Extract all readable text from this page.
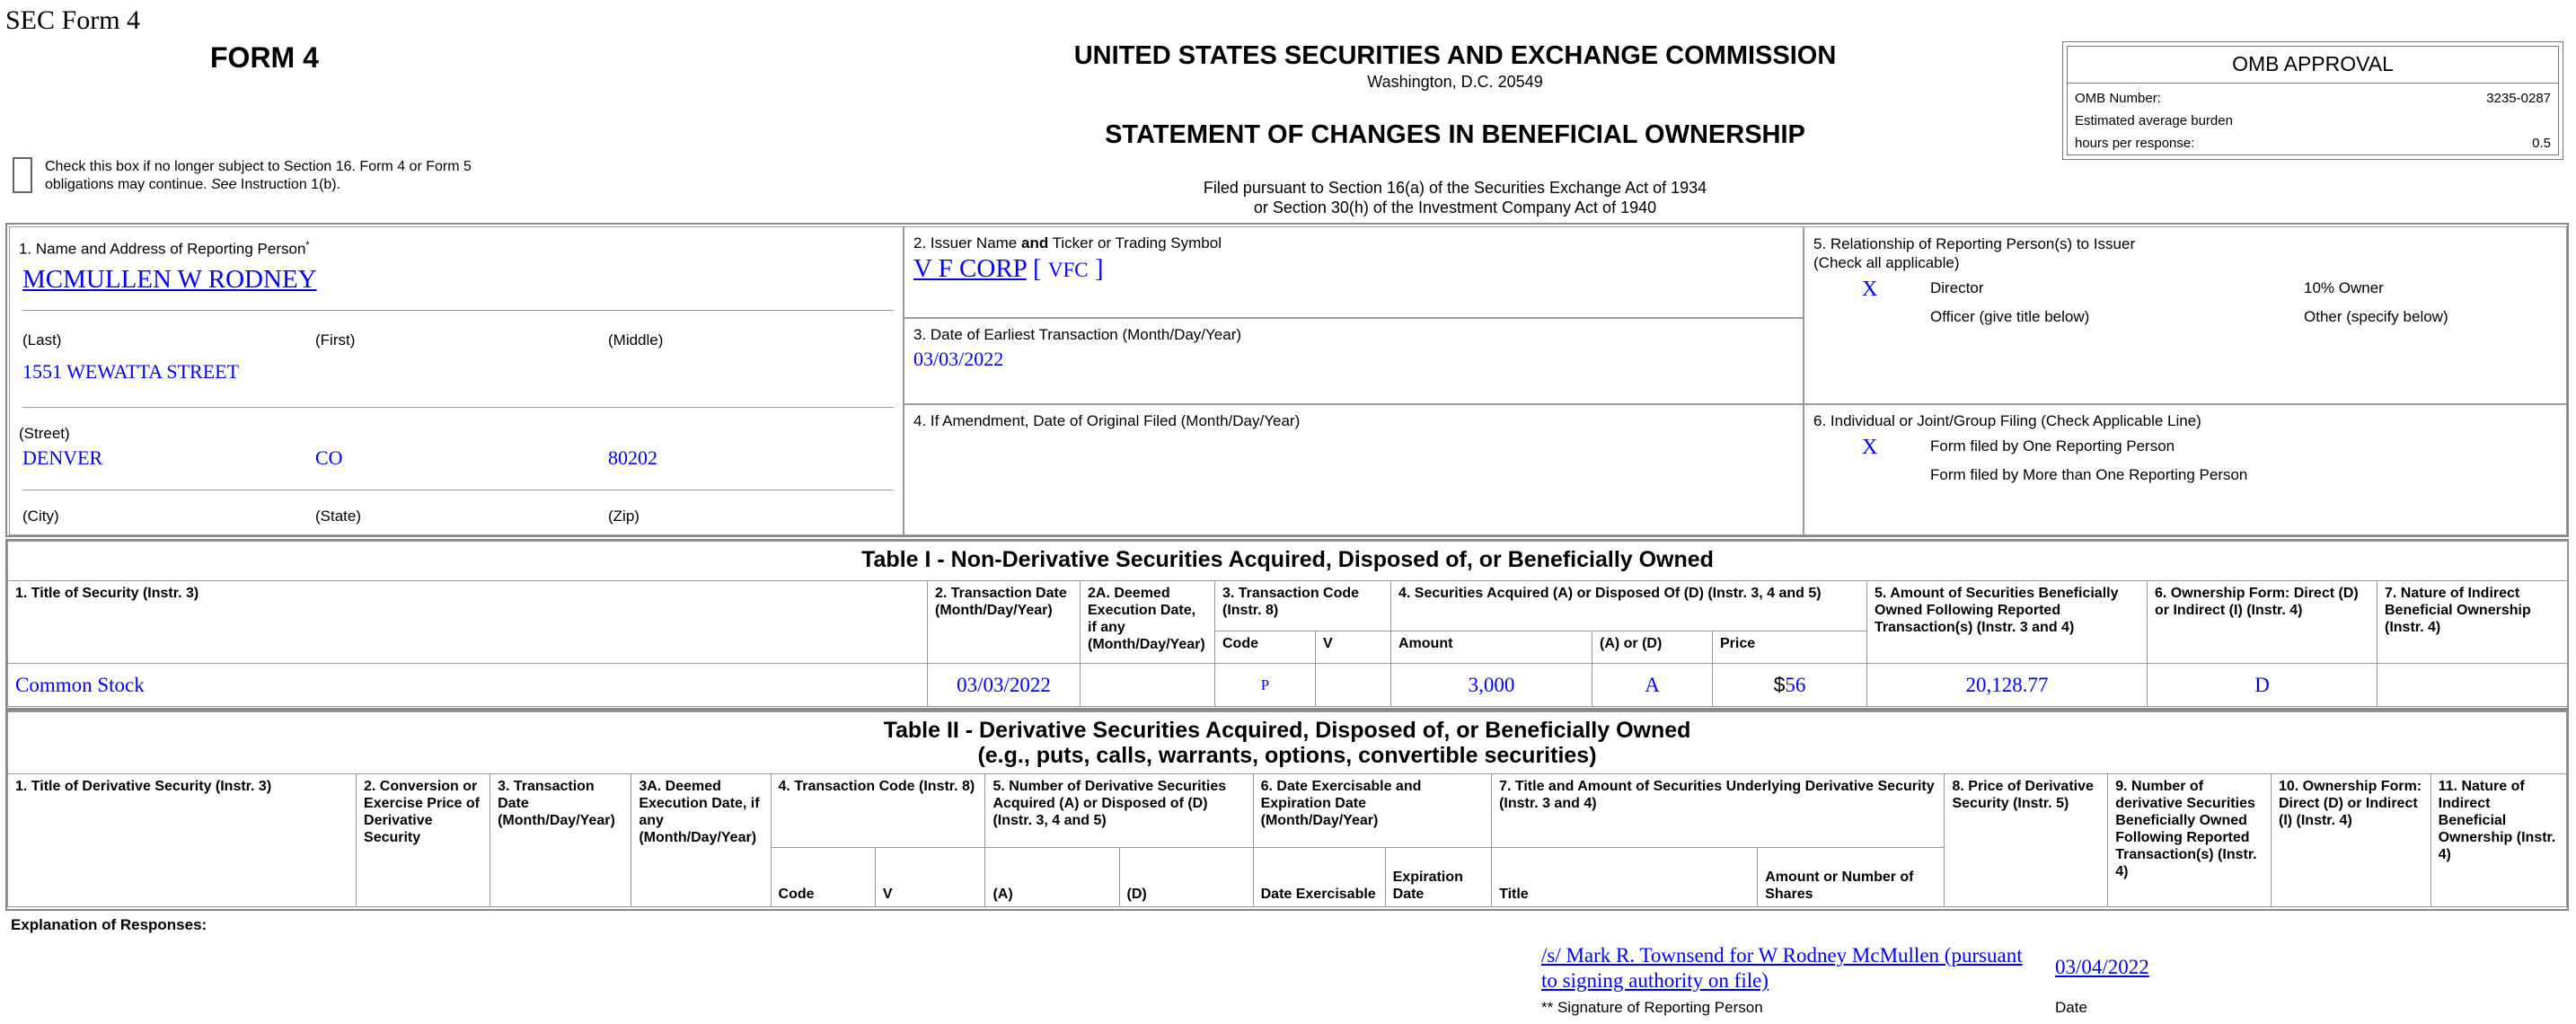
SEC Form 4
FORM 4	UNITED STATES SECURITIES AND EXCHANGE COMMISSION
Washington, D.C. 20549
STATEMENT OF CHANGES IN BENEFICIAL OWNERSHIP
Filed pursuant to Section 16(a) of the Securities Exchange Act of 1934
or Section 30(h) of the Investment Company Act of 1940
Check this box if no longer subject to Section 16. Form 4 or Form 5
obligations may continue. See Instruction 1(b).
OMB APPROVAL
OMB Number:	3235-0287
Estimated average burden
hours per response:	0.5
1. Name and Address of Reporting Person*
MCMULLEN W RODNEY
(Last)	(First)	(Middle)
1551 WEWATTA STREET
(Street)
DENVER	CO	80202
(City)	(State)	(Zip)
2. Issuer Name and Ticker or Trading Symbol
V F CORP [ VFC ]
3. Date of Earliest Transaction (Month/Day/Year)
03/03/2022
4. If Amendment, Date of Original Filed (Month/Day/Year)
5. Relationship of Reporting Person(s) to Issuer
(Check all applicable)
X	Director	10% Owner
Officer (give title below)	Other (specify below)
6. Individual or Joint/Group Filing (Check Applicable Line)
X	Form filed by One Reporting Person
Form filed by More than One Reporting Person
Table I - Non-Derivative Securities Acquired, Disposed of, or Beneficially Owned										
1. Title of Security (Instr. 3)	2. Transaction Date (Month/Day/Year)	2A. Deemed Execution Date, if any (Month/Day/Year)	3. Transaction Code (Instr. 8)		4. Securities Acquired (A) or Disposed Of (D) (Instr. 3, 4 and 5)			5. Amount of Securities Beneficially Owned Following Reported Transaction(s) (Instr. 3 and 4)	6. Ownership Form: Direct (D) or Indirect (I) (Instr. 4)	7. Nature of Indirect Beneficial Ownership (Instr. 4)
			Code	V	Amount	(A) or (D)	Price			
Common Stock	03/03/2022		P		3,000	A	$56	20,128.77	D	
Table II - Derivative Securities Acquired, Disposed of, or Beneficially Owned
(e.g., puts, calls, warrants, options, convertible securities)															

1. Title of Derivative Security (Instr. 3)	2. Conversion or Exercise Price of Derivative Security	3. Transaction Date (Month/Day/Year)	3A. Deemed Execution Date, if any (Month/Day/Year)	4. Transaction Code (Instr. 8)		5. Number of Derivative Securities Acquired (A) or Disposed of (D) (Instr. 3, 4 and 5)		6. Date Exercisable and Expiration Date (Month/Day/Year)		7. Title and Amount of Securities Underlying Derivative Security (Instr. 3 and 4)		8. Price of Derivative Security (Instr. 5)	9. Number of derivative Securities Beneficially Owned Following Reported Transaction(s) (Instr. 4)	10. Ownership Form: Direct (D) or Indirect (I) (Instr. 4)	11. Nature of Indirect Beneficial Ownership (Instr. 4)
				Code	V	(A)	(D)	Date Exercisable	Expiration Date	Title	Amount or Number of Shares				
Explanation of Responses:
/s/ Mark R. Townsend for W Rodney McMullen (pursuant
to signing authority on file)
03/04/2022
** Signature of Reporting Person	Date
